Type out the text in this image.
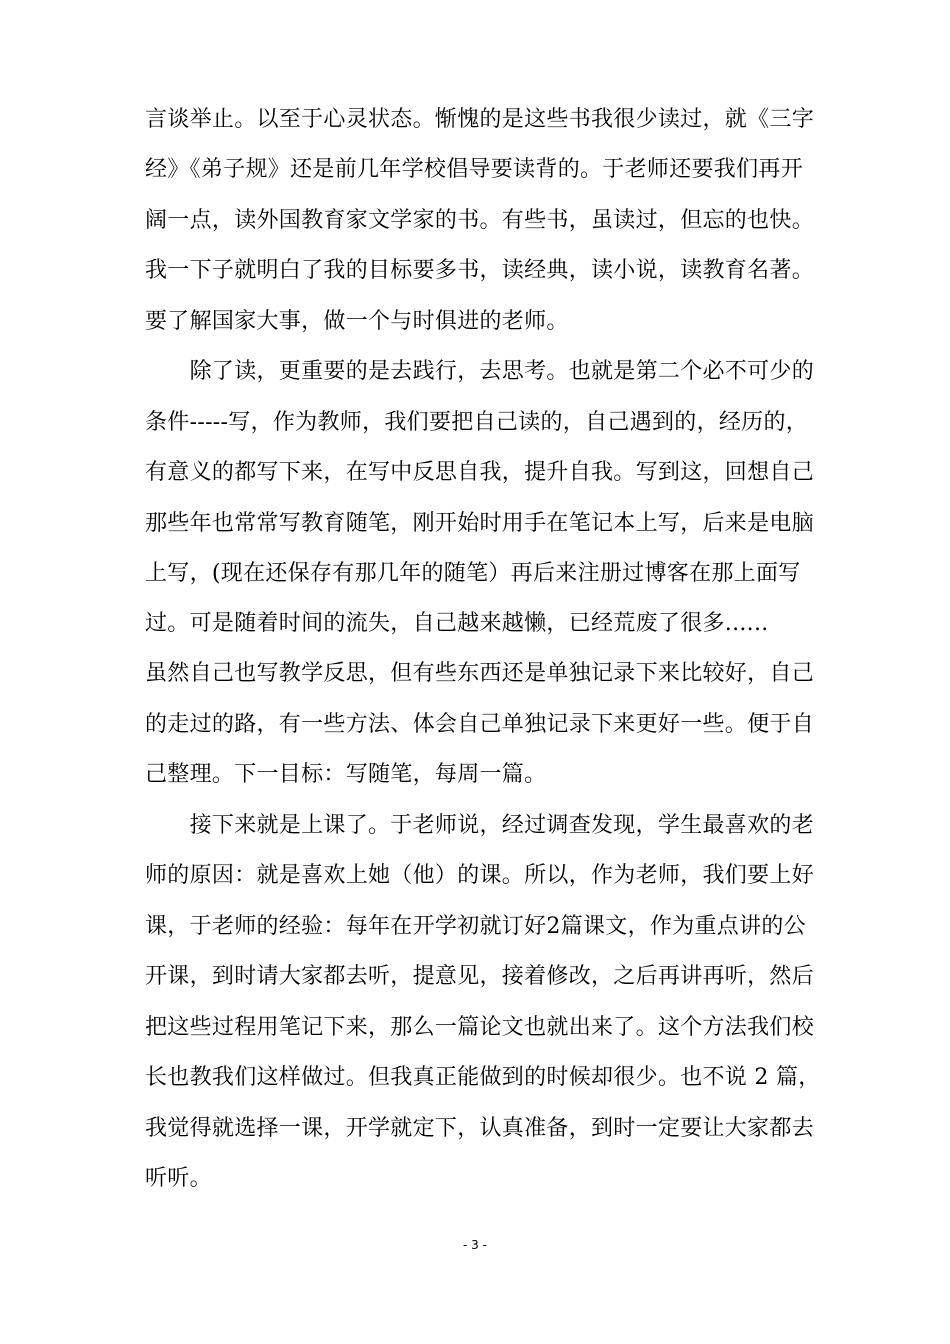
言谈举止。以至于心灵状态。惭愧的是这些书我很少读过，就《三字
经》《弟子规》还是前几年学校倡导要读背的。于老师还要我们再开
阔一点，读外国教育家文学家的书。有些书，虽读过，但忘的也快。
我一下子就明白了我的目标要多书，读经典，读小说，读教育名著。
要了解国家大事，做一个与时俱进的老师。
　　除了读，更重要的是去践行，去思考。也就是第二个必不可少的
条件-----写，作为教师，我们要把自己读的，自己遇到的，经历的，
有意义的都写下来，在写中反思自我，提升自我。写到这，回想自己
那些年也常常写教育随笔，刚开始时用手在笔记本上写，后来是电脑
上写，(现在还保存有那几年的随笔）再后来注册过博客在那上面写
过。可是随着时间的流失，自己越来越懒，已经荒废了很多......
虽然自己也写教学反思，但有些东西还是单独记录下来比较好，自己
的走过的路，有一些方法、体会自己单独记录下来更好一些。便于自
己整理。下一目标：写随笔，每周一篇。
　　接下来就是上课了。于老师说，经过调查发现，学生最喜欢的老
师的原因：就是喜欢上她（他）的课。所以，作为老师，我们要上好
课，于老师的经验：每年在开学初就订好2篇课文，作为重点讲的公
开课，到时请大家都去听，提意见，接着修改，之后再讲再听，然后
把这些过程用笔记下来，那么一篇论文也就出来了。这个方法我们校
长也教我们这样做过。但我真正能做到的时候却很少。也不说 2 篇，
我觉得就选择一课，开学就定下，认真准备，到时一定要让大家都去
听听。
- 3 -
